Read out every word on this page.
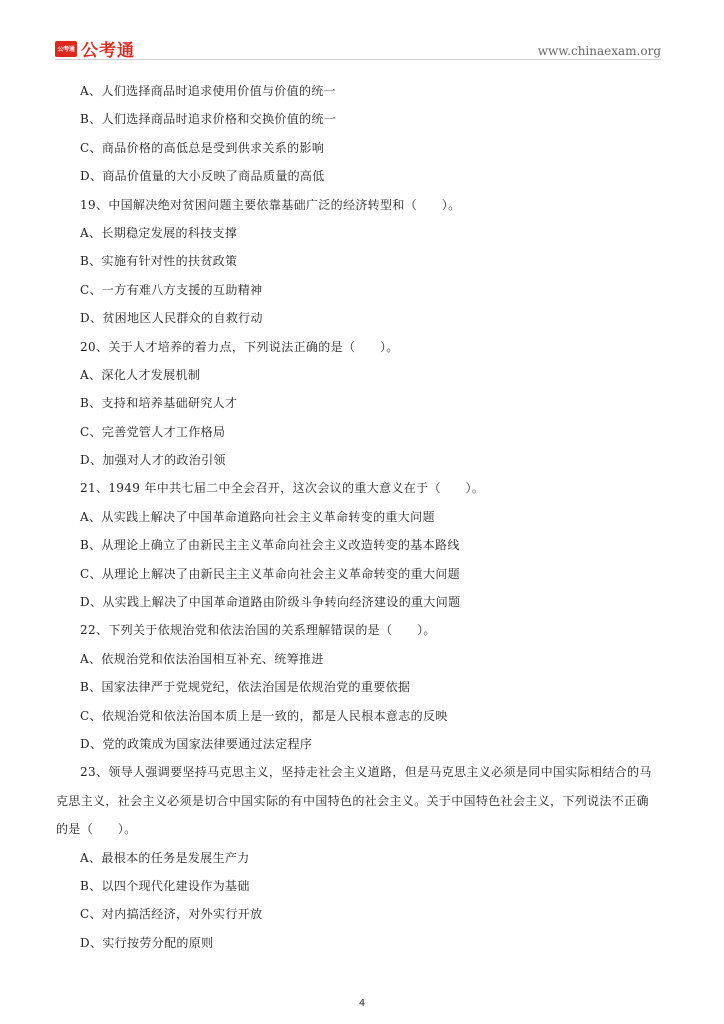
公考通 公考通	www.chinaexam.org
A、人们选择商品时追求使用价值与价值的统一
B、人们选择商品时追求价格和交换价值的统一
C、商品价格的高低总是受到供求关系的影响
D、商品价值量的大小反映了商品质量的高低
19、中国解决绝对贫困问题主要依靠基础广泛的经济转型和（　　）。
A、长期稳定发展的科技支撑
B、实施有针对性的扶贫政策
C、一方有难八方支援的互助精神
D、贫困地区人民群众的自救行动
20、关于人才培养的着力点，下列说法正确的是（　　）。
A、深化人才发展机制
B、支持和培养基础研究人才
C、完善党管人才工作格局
D、加强对人才的政治引领
21、1949 年中共七届二中全会召开，这次会议的重大意义在于（　　）。
A、从实践上解决了中国革命道路向社会主义革命转变的重大问题
B、从理论上确立了由新民主主义革命向社会主义改造转变的基本路线
C、从理论上解决了由新民主主义革命向社会主义革命转变的重大问题
D、从实践上解决了中国革命道路由阶级斗争转向经济建设的重大问题
22、下列关于依规治党和依法治国的关系理解错误的是（　　）。
A、依规治党和依法治国相互补充、统筹推进
B、国家法律严于党规党纪，依法治国是依规治党的重要依据
C、依规治党和依法治国本质上是一致的，都是人民根本意志的反映
D、党的政策成为国家法律要通过法定程序
23、领导人强调要坚持马克思主义，坚持走社会主义道路，但是马克思主义必须是同中国实际相结合的马
克思主义，社会主义必须是切合中国实际的有中国特色的社会主义。关于中国特色社会主义，下列说法不正确
的是（　　）。
A、最根本的任务是发展生产力
B、以四个现代化建设作为基础
C、对内搞活经济，对外实行开放
D、实行按劳分配的原则
4
